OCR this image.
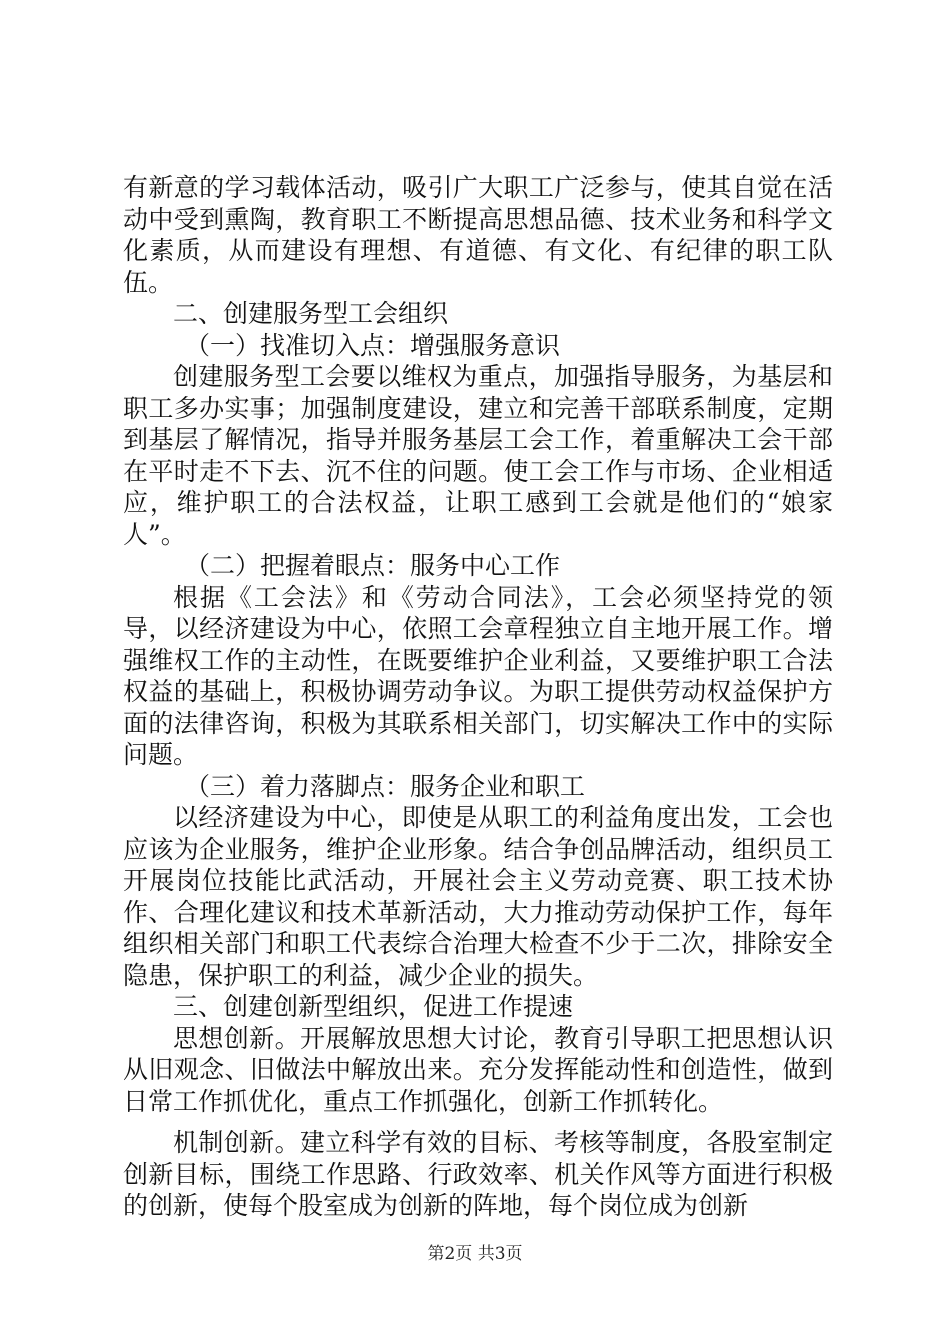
有新意的学习载体活动，吸引广大职工广泛参与，使其自觉在活动中受到熏陶，教育职工不断提高思想品德、技术业务和科学文化素质，从而建设有理想、有道德、有文化、有纪律的职工队伍。

二、创建服务型工会组织

（一）找准切入点：增强服务意识

创建服务型工会要以维权为重点，加强指导服务，为基层和职工多办实事；加强制度建设，建立和完善干部联系制度，定期到基层了解情况，指导并服务基层工会工作，着重解决工会干部在平时走不下去、沉不住的问题。使工会工作与市场、企业相适应，维护职工的合法权益，让职工感到工会就是他们的“娘家人”。

（二）把握着眼点：服务中心工作

根据《工会法》和《劳动合同法》，工会必须坚持党的领导，以经济建设为中心，依照工会章程独立自主地开展工作。增强维权工作的主动性，在既要维护企业利益，又要维护职工合法权益的基础上，积极协调劳动争议。为职工提供劳动权益保护方面的法律咨询，积极为其联系相关部门，切实解决工作中的实际问题。

（三）着力落脚点：服务企业和职工

以经济建设为中心，即使是从职工的利益角度出发，工会也应该为企业服务，维护企业形象。结合争创品牌活动，组织员工开展岗位技能比武活动，开展社会主义劳动竞赛、职工技术协作、合理化建议和技术革新活动，大力推动劳动保护工作，每年组织相关部门和职工代表综合治理大检查不少于二次，排除安全隐患，保护职工的利益，减少企业的损失。

三、创建创新型组织，促进工作提速

思想创新。开展解放思想大讨论，教育引导职工把思想认识从旧观念、旧做法中解放出来。充分发挥能动性和创造性，做到日常工作抓优化，重点工作抓强化，创新工作抓转化。

机制创新。建立科学有效的目标、考核等制度，各股室制定创新目标，围绕工作思路、行政效率、机关作风等方面进行积极的创新，使每个股室成为创新的阵地，每个岗位成为创新

第2页 共3页
